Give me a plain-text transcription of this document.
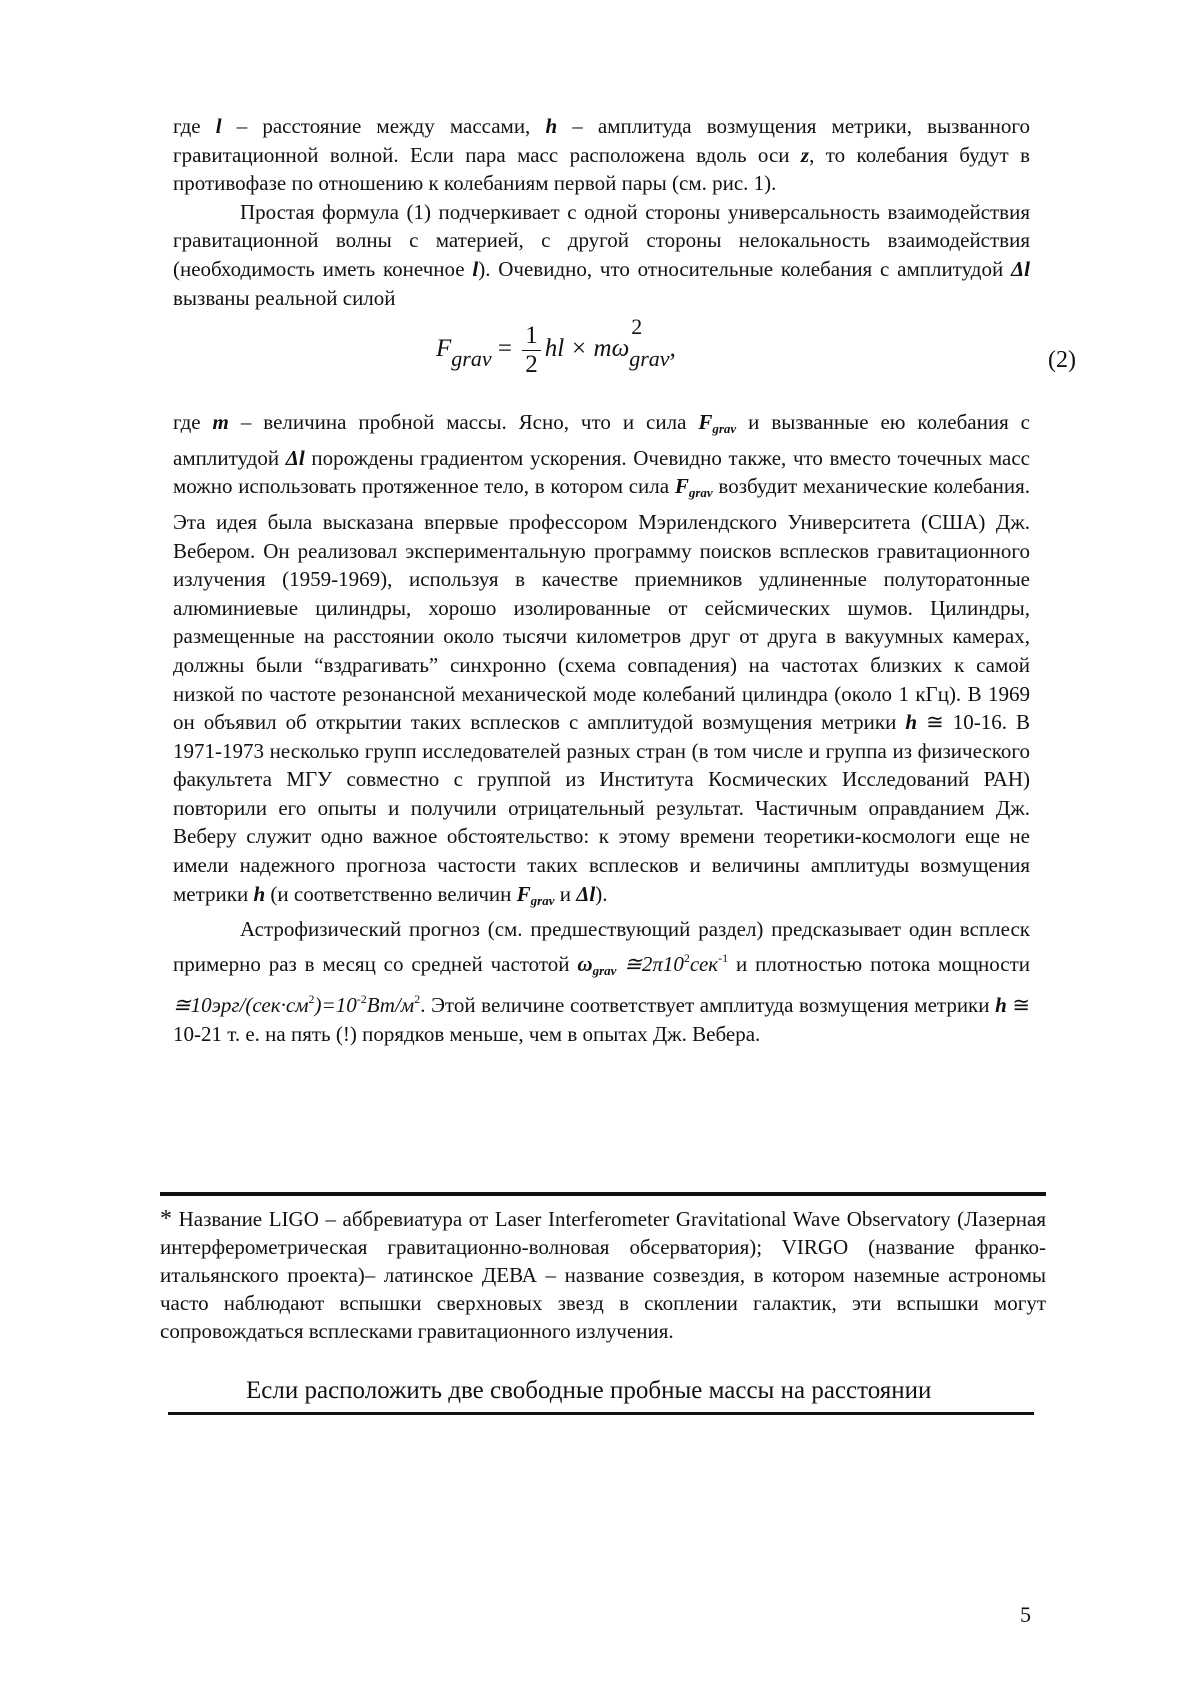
где l – расстояние между массами, h – амплитуда возмущения метрики, вызванного гравитационной волной. Если пара масс расположена вдоль оси z, то колебания будут в противофазе по отношению к колебаниям первой пары (см. рис. 1).

Простая формула (1) подчеркивает с одной стороны универсальность взаимодействия гравитационной волны с материей, с другой стороны нелокальность взаимодействия (необходимость иметь конечное l). Очевидно, что относительные колебания с амплитудой Δl вызваны реальной силой

Fgrav = $\frac{1}{2}$ hl × mω
2
grav,	(2)

где m – величина пробной массы. Ясно, что и сила $F_{grav}$ и вызванные ею колебания с амплитудой Δl порождены градиентом ускорения. Очевидно также, что вместо точечных масс можно использовать протяженное тело, в котором сила $F_{grav}$ возбудит механические колебания. Эта идея была высказана впервые профессором Мэрилендского Университета (США) Дж. Вебером. Он реализовал экспериментальную программу поисков всплесков гравитационного излучения (1959-1969), используя в качестве приемников удлиненные полуторатонные алюминиевые цилиндры, хорошо изолированные от сейсмических шумов. Цилиндры, размещенные на расстоянии около тысячи километров друг от друга в вакуумных камерах, должны были “вздрагивать” синхронно (схема совпадения) на частотах близких к самой низкой по частоте резонансной механической моде колебаний цилиндра (около 1 кГц). В 1969 он объявил об открытии таких всплесков с амплитудой возмущения метрики h ≅ 10-16. В 1971-1973 несколько групп исследователей разных стран (в том числе и группа из физического факультета МГУ совместно с группой из Института Космических Исследований РАН) повторили его опыты и получили отрицательный результат. Частичным оправданием Дж. Веберу служит одно важное обстоятельство: к этому времени теоретики-космологи еще не имели надежного прогноза частости таких всплесков и величины амплитуды возмущения метрики h (и соответственно величин $F_{grav}$ и Δl).

Астрофизический прогноз (см. предшествующий раздел) предсказывает один всплеск примерно раз в месяц со средней частотой $\omega_{grav}$ $≅2\pi 10^2сек^{-1}$ и плотностью потока мощности $≅10эрг/(сек\cdot см^2)=10^{-2}Вт/м^2$. Этой величине соответствует амплитуда возмущения метрики h ≅ 10-21 т. е. на пять (!) порядков меньше, чем в опытах Дж. Вебера.

* Название LIGO – аббревиатура от Laser Interferometer Gravitational Wave Observatory (Лазерная интерферометрическая гравитационно-волновая обсерватория); VIRGO (название франко-итальянского проекта)– латинское ДЕВА – название созвездия, в котором наземные астрономы часто наблюдают вспышки сверхновых звезд в скоплении галактик, эти вспышки могут сопровождаться всплесками гравитационного излучения.

Если расположить две свободные пробные массы на расстоянии
5
